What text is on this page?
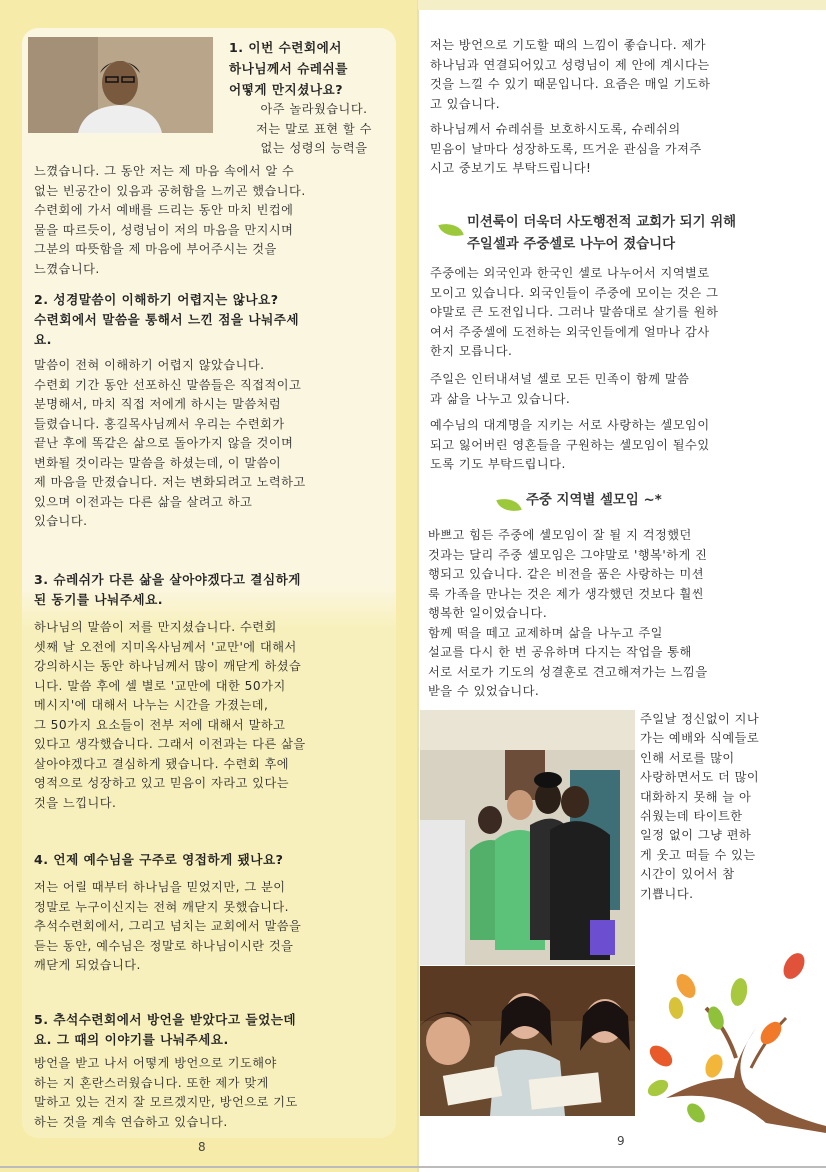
1. 이번 수련회에서
하나님께서 슈레쉬를
어떻게 만지셨나요?
아주 놀라웠습니다.
저는 말로 표현 할 수
없는 성령의 능력을
느꼈습니다. 그 동안 저는 제 마음 속에서 알 수
없는 빈공간이 있음과 공허함을 느끼곤 했습니다.
수련회에 가서 예배를 드리는 동안 마치 빈컵에
물을 따르듯이, 성령님이 저의 마음을 만지시며
그분의 따뜻함을 제 마음에 부어주시는 것을
느꼈습니다.
2. 성경말씀이 이해하기 어렵지는 않나요?
수련회에서 말씀을 통해서 느낀 점을 나눠주세
요.
말씀이 전혀 이해하기 어렵지 않았습니다.
수련회 기간 동안 선포하신 말씀들은 직접적이고
분명해서, 마치 직접 저에게 하시는 말씀처럼
들렸습니다. 홍길목사님께서 우리는 수련회가
끝난 후에 똑같은 삶으로 돌아가지 않을 것이며
변화될 것이라는 말씀을 하셨는데, 이 말씀이
제 마음을 만졌습니다. 저는 변화되려고 노력하고
있으며 이전과는 다른 삶을 살려고 하고
있습니다.
3. 슈레쉬가 다른 삶을 살아야겠다고 결심하게
된 동기를 나눠주세요.
하나님의 말씀이 저를 만지셨습니다. 수련회
셋째 날 오전에 지미옥사님께서 '교만'에 대해서
강의하시는 동안 하나님께서 많이 깨닫게 하셨습
니다. 말씀 후에 셀 별로 '교만에 대한 50가지
메시지'에 대해서 나누는 시간을 가졌는데,
그 50가지 요소들이 전부 저에 대해서 말하고
있다고 생각했습니다. 그래서 이전과는 다른 삶을
살아야겠다고 결심하게 됐습니다. 수련회 후에
영적으로 성장하고 있고 믿음이 자라고 있다는
것을 느낍니다.
4. 언제 예수님을 구주로 영접하게 됐나요?
저는 어릴 때부터 하나님을 믿었지만, 그 분이
정말로 누구이신지는 전혀 깨닫지 못했습니다.
추석수련회에서, 그리고 넘치는 교회에서 말씀을
듣는 동안, 예수님은 정말로 하나님이시란 것을
깨닫게 되었습니다.
5. 추석수련회에서 방언을 받았다고 들었는데
요. 그 때의 이야기를 나눠주세요.
방언을 받고 나서 어떻게 방언으로 기도해야
하는 지 혼란스러웠습니다. 또한 제가 맞게
말하고 있는 건지 잘 모르겠지만, 방언으로 기도
하는 것을 계속 연습하고 있습니다.
8
저는 방언으로 기도할 때의 느낌이 좋습니다. 제가
하나님과 연결되어있고 성령님이 제 안에 계시다는
것을 느낄 수 있기 때문입니다. 요즘은 매일 기도하
고 있습니다.
하나님께서 슈레쉬를 보호하시도록, 슈레쉬의
믿음이 날마다 성장하도록, 뜨거운 관심을 가져주
시고 중보기도 부탁드립니다!
미션룩이 더욱더 사도행전적 교회가 되기 위해
주일셀과 주중셀로 나누어 졌습니다
주중에는 외국인과 한국인 셀로 나누어서 지역별로
모이고 있습니다. 외국인들이 주중에 모이는 것은 그
야말로 큰 도전입니다. 그러나 말씀대로 살기를 원하
여서 주중셀에 도전하는 외국인들에게 얼마나 감사
한지 모릅니다.
주일은 인터내셔널 셀로 모든 민족이 함께 말씀
과 삶을 나누고 있습니다.
예수님의 대계명을 지키는 서로 사랑하는 셀모임이
되고 잃어버린 영혼들을 구원하는 셀모임이 될수있
도록 기도 부탁드립니다.
주중 지역별 셀모임 ~*
바쁘고 힘든 주중에 셀모임이 잘 될 지 걱정했던
것과는 달리 주중 셀모임은 그야말로 '행복'하게 진
행되고 있습니다. 같은 비전을 품은 사랑하는 미션
룩 가족을 만나는 것은 제가 생각했던 것보다 훨씬
행복한 일이었습니다.
함께 떡을 떼고 교제하며 삶을 나누고 주일
설교를 다시 한 번 공유하며 다지는 작업을 통해
서로 서로가 기도의 성결훈로 견고해져가는 느낌을
받을 수 있었습니다.
주일날 정신없이 지나
가는 예배와 식예들로
인해 서로를 많이
사랑하면서도 더 많이
대화하지 못해 늘 아
쉬웠는데 타이트한
일정 없이 그냥 편하
게 웃고 떠들 수 있는
시간이 있어서 참
기쁩니다.
9
